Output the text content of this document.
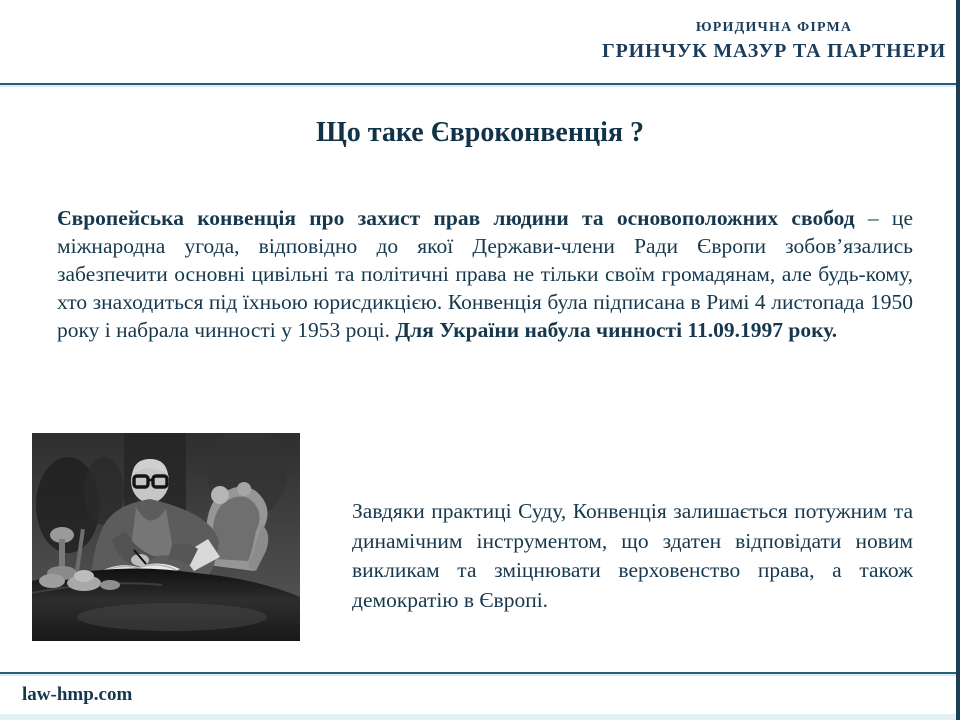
ЮРИДИЧНА ФІРМА
ГРИНЧУК МАЗУР ТА ПАРТНЕРИ
Що таке Євроконвенція ?

Європейська конвенція про захист прав людини та основоположних свобод – це міжнародна угода, відповідно до якої Держави-члени Ради Європи зобов’язались забезпечити основні цивільні та політичні права не тільки своїм громадянам, але будь-кому, хто знаходиться під їхньою юрисдикцією. Конвенція була підписана в Римі 4 листопада 1950 року і набрала чинності у 1953 році. Для України набула чинності 11.09.1997 року.

Завдяки практиці Суду, Конвенція залишається потужним та динамічним інструментом, що здатен відповідати новим викликам та зміцнювати верховенство права, а також демократію в Європі.

law-hmp.com
